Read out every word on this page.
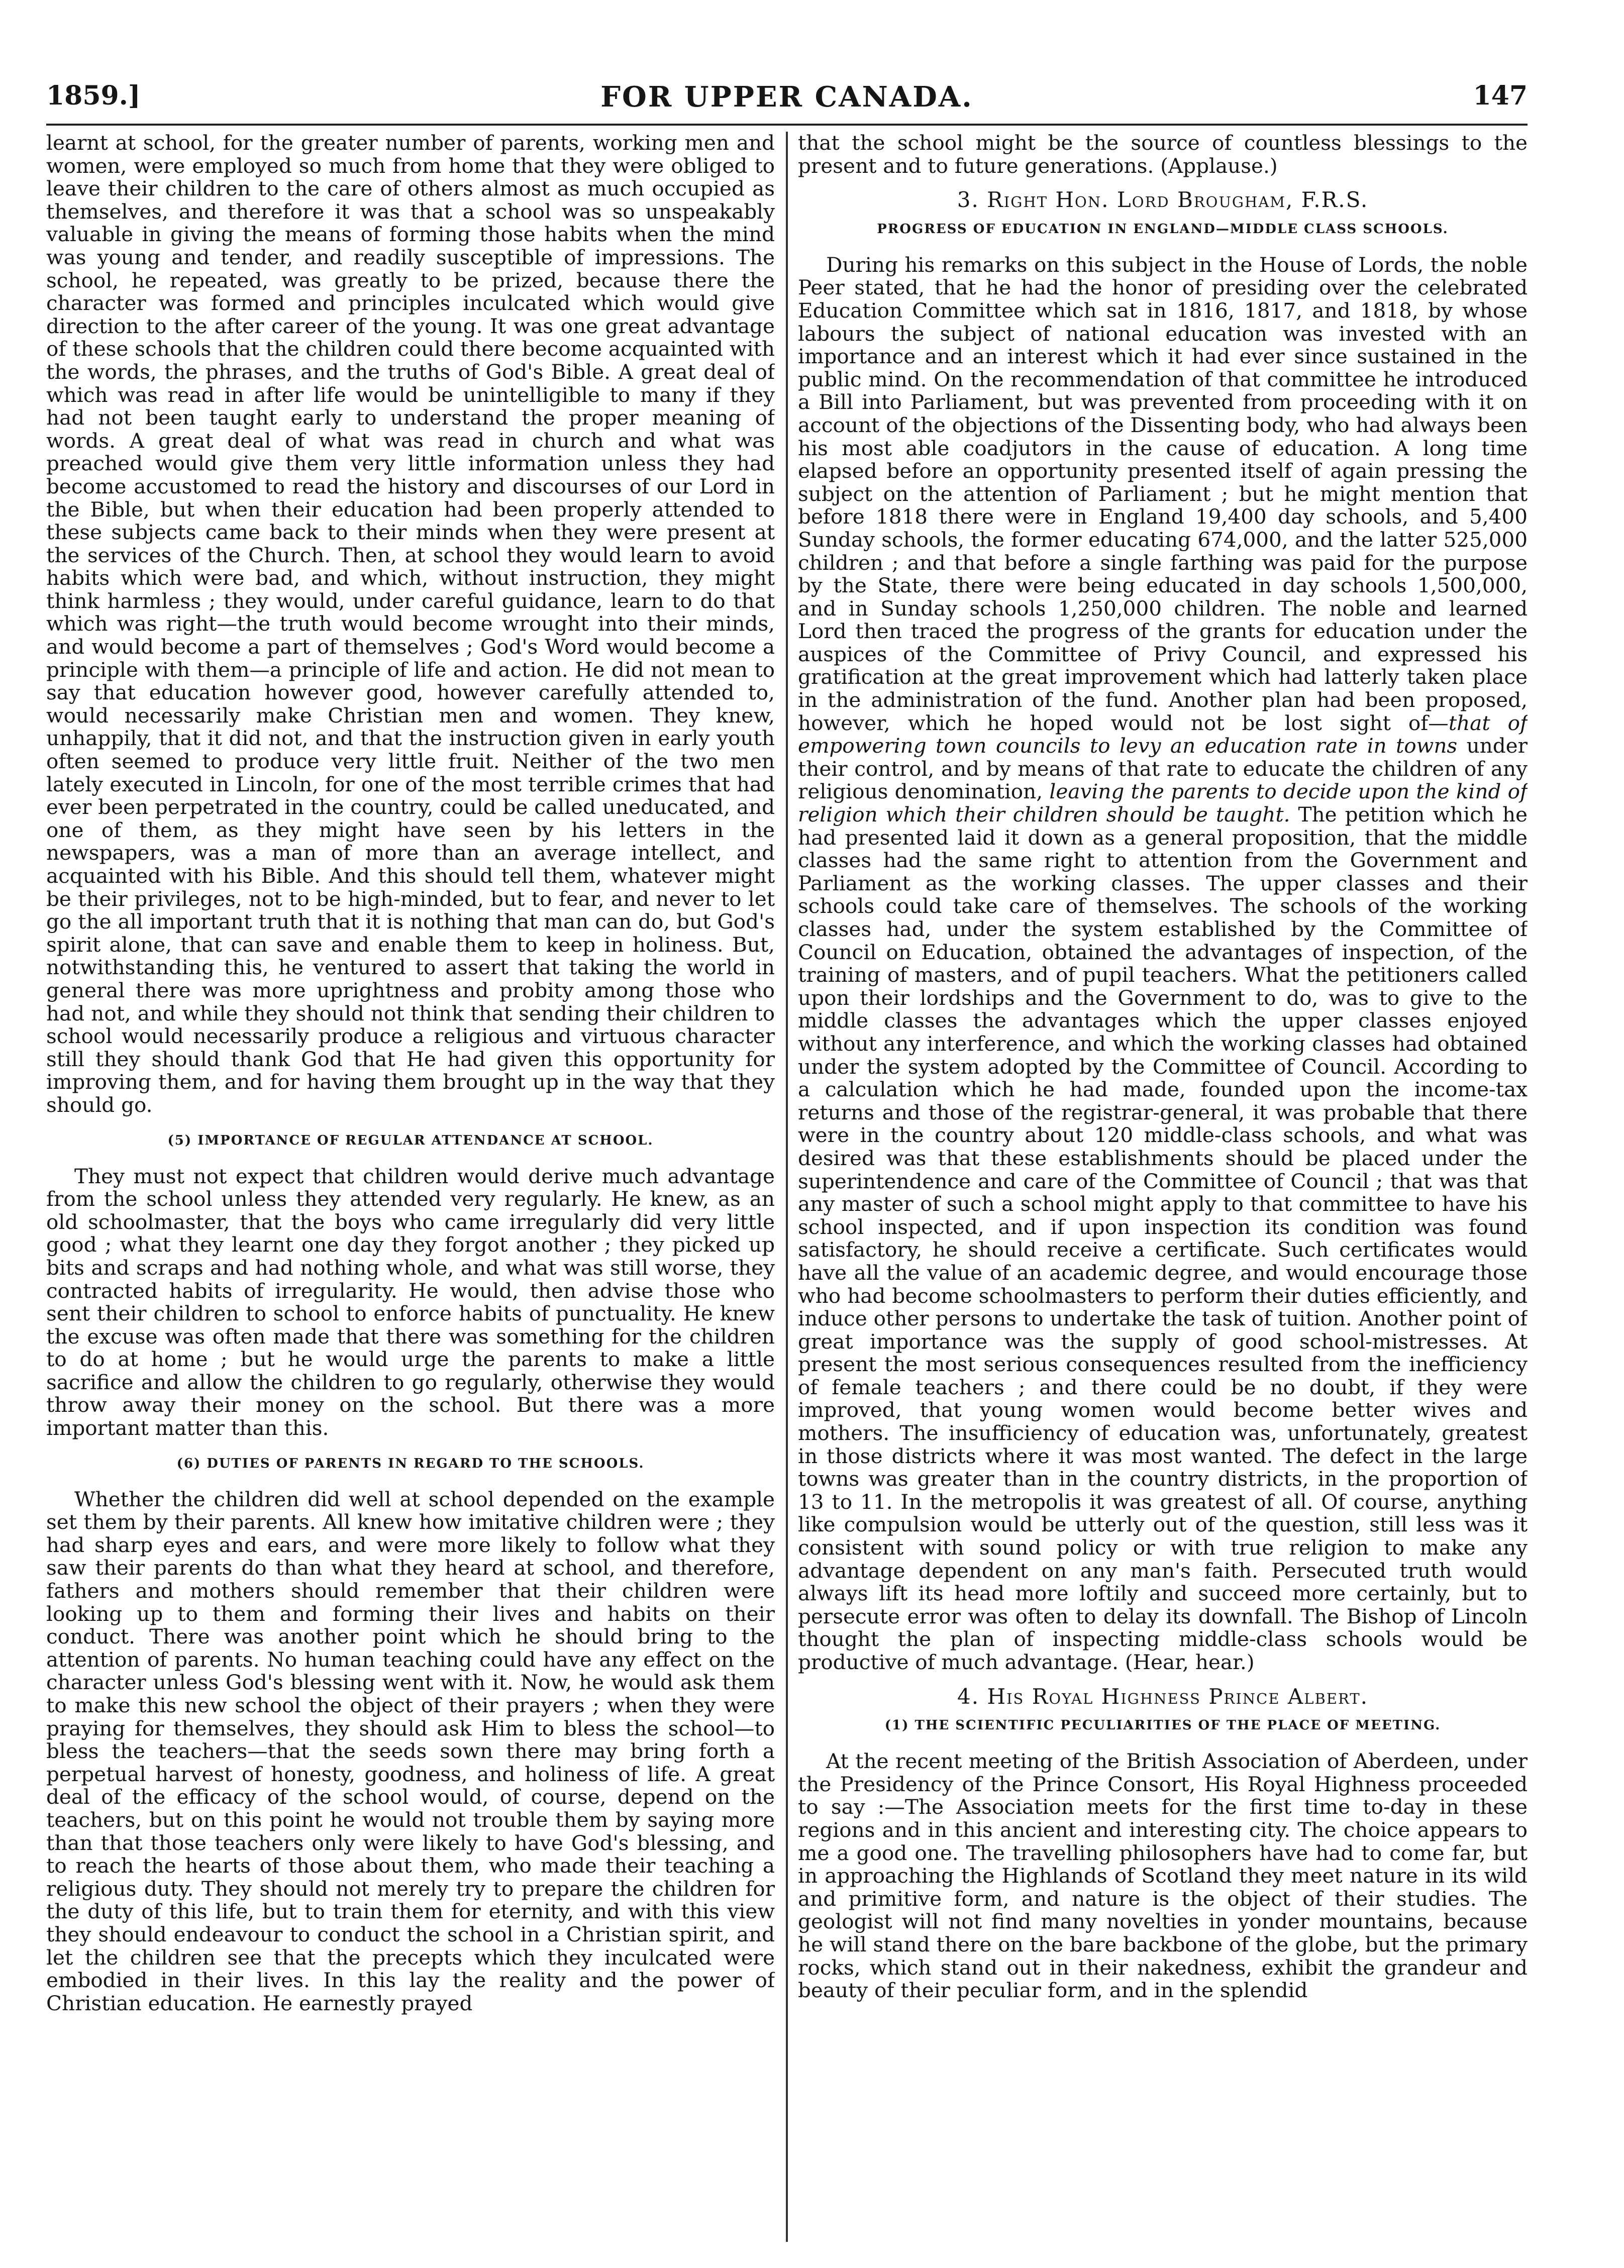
1859.]	FOR UPPER CANADA.	147

learnt at school, for the greater number of parents, working men and women, were employed so much from home that they were obliged to leave their children to the care of others almost as much occupied as themselves, and therefore it was that a school was so unspeakably valuable in giving the means of forming those habits when the mind was young and tender, and readily susceptible of impressions. The school, he repeated, was greatly to be prized, because there the character was formed and principles inculcated which would give direction to the after career of the young. It was one great advantage of these schools that the children could there become acquainted with the words, the phrases, and the truths of God's Bible. A great deal of which was read in after life would be unintelligible to many if they had not been taught early to understand the proper meaning of words. A great deal of what was read in church and what was preached would give them very little information unless they had become accustomed to read the history and discourses of our Lord in the Bible, but when their education had been properly attended to these subjects came back to their minds when they were present at the services of the Church. Then, at school they would learn to avoid habits which were bad, and which, without instruction, they might think harmless ; they would, under careful guidance, learn to do that which was right—the truth would become wrought into their minds, and would become a part of themselves ; God's Word would become a principle with them—a principle of life and action. He did not mean to say that education however good, however carefully attended to, would necessarily make Christian men and women. They knew, unhappily, that it did not, and that the instruction given in early youth often seemed to produce very little fruit. Neither of the two men lately executed in Lincoln, for one of the most terrible crimes that had ever been perpetrated in the country, could be called uneducated, and one of them, as they might have seen by his letters in the newspapers, was a man of more than an average intellect, and acquainted with his Bible. And this should tell them, whatever might be their privileges, not to be high-minded, but to fear, and never to let go the all important truth that it is nothing that man can do, but God's spirit alone, that can save and enable them to keep in holiness. But, notwithstanding this, he ventured to assert that taking the world in general there was more uprightness and probity among those who had not, and while they should not think that sending their children to school would necessarily produce a religious and virtuous character still they should thank God that He had given this opportunity for improving them, and for having them brought up in the way that they should go.

(5) IMPORTANCE OF REGULAR ATTENDANCE AT SCHOOL.

They must not expect that children would derive much advantage from the school unless they attended very regularly. He knew, as an old schoolmaster, that the boys who came irregularly did very little good ; what they learnt one day they forgot another ; they picked up bits and scraps and had nothing whole, and what was still worse, they contracted habits of irregularity. He would, then advise those who sent their children to school to enforce habits of punctuality. He knew the excuse was often made that there was something for the children to do at home ; but he would urge the parents to make a little sacrifice and allow the children to go regularly, otherwise they would throw away their money on the school. But there was a more important matter than this.

(6) DUTIES OF PARENTS IN REGARD TO THE SCHOOLS.

Whether the children did well at school depended on the example set them by their parents. All knew how imitative children were ; they had sharp eyes and ears, and were more likely to follow what they saw their parents do than what they heard at school, and therefore, fathers and mothers should remember that their children were looking up to them and forming their lives and habits on their conduct. There was another point which he should bring to the attention of parents. No human teaching could have any effect on the character unless God's blessing went with it. Now, he would ask them to make this new school the object of their prayers ; when they were praying for themselves, they should ask Him to bless the school—to bless the teachers—that the seeds sown there may bring forth a perpetual harvest of honesty, goodness, and holiness of life. A great deal of the efficacy of the school would, of course, depend on the teachers, but on this point he would not trouble them by saying more than that those teachers only were likely to have God's blessing, and to reach the hearts of those about them, who made their teaching a religious duty. They should not merely try to prepare the children for the duty of this life, but to train them for eternity, and with this view they should endeavour to conduct the school in a Christian spirit, and let the children see that the precepts which they inculcated were embodied in their lives. In this lay the reality and the power of Christian education. He earnestly prayed

that the school might be the source of countless blessings to the present and to future generations. (Applause.)

3. Right Hon. Lord Brougham, F.R.S.
PROGRESS OF EDUCATION IN ENGLAND—MIDDLE CLASS SCHOOLS.

During his remarks on this subject in the House of Lords, the noble Peer stated, that he had the honor of presiding over the celebrated Education Committee which sat in 1816, 1817, and 1818, by whose labours the subject of national education was invested with an importance and an interest which it had ever since sustained in the public mind. On the recommendation of that committee he introduced a Bill into Parliament, but was prevented from proceeding with it on account of the objections of the Dissenting body, who had always been his most able coadjutors in the cause of education. A long time elapsed before an opportunity presented itself of again pressing the subject on the attention of Parliament ; but he might mention that before 1818 there were in England 19,400 day schools, and 5,400 Sunday schools, the former educating 674,000, and the latter 525,000 children ; and that before a single farthing was paid for the purpose by the State, there were being educated in day schools 1,500,000, and in Sunday schools 1,250,000 children. The noble and learned Lord then traced the progress of the grants for education under the auspices of the Committee of Privy Council, and expressed his gratification at the great improvement which had latterly taken place in the administration of the fund. Another plan had been proposed, however, which he hoped would not be lost sight of—that of empowering town councils to levy an education rate in towns under their control, and by means of that rate to educate the children of any religious denomination, leaving the parents to decide upon the kind of religion which their children should be taught. The petition which he had presented laid it down as a general proposition, that the middle classes had the same right to attention from the Government and Parliament as the working classes. The upper classes and their schools could take care of themselves. The schools of the working classes had, under the system established by the Committee of Council on Education, obtained the advantages of inspection, of the training of masters, and of pupil teachers. What the petitioners called upon their lordships and the Government to do, was to give to the middle classes the advantages which the upper classes enjoyed without any interference, and which the working classes had obtained under the system adopted by the Committee of Council. According to a calculation which he had made, founded upon the income-tax returns and those of the registrar-general, it was probable that there were in the country about 120 middle-class schools, and what was desired was that these establishments should be placed under the superintendence and care of the Committee of Council ; that was that any master of such a school might apply to that committee to have his school inspected, and if upon inspection its condition was found satisfactory, he should receive a certificate. Such certificates would have all the value of an academic degree, and would encourage those who had become schoolmasters to perform their duties efficiently, and induce other persons to undertake the task of tuition. Another point of great importance was the supply of good school-mistresses. At present the most serious consequences resulted from the inefficiency of female teachers ; and there could be no doubt, if they were improved, that young women would become better wives and mothers. The insufficiency of education was, unfortunately, greatest in those districts where it was most wanted. The defect in the large towns was greater than in the country districts, in the proportion of 13 to 11. In the metropolis it was greatest of all. Of course, anything like compulsion would be utterly out of the question, still less was it consistent with sound policy or with true religion to make any advantage dependent on any man's faith. Persecuted truth would always lift its head more loftily and succeed more certainly, but to persecute error was often to delay its downfall. The Bishop of Lincoln thought the plan of inspecting middle-class schools would be productive of much advantage. (Hear, hear.)

4. His Royal Highness Prince Albert.
(1) THE SCIENTIFIC PECULIARITIES OF THE PLACE OF MEETING.

At the recent meeting of the British Association of Aberdeen, under the Presidency of the Prince Consort, His Royal Highness proceeded to say :—The Association meets for the first time to-day in these regions and in this ancient and interesting city. The choice appears to me a good one. The travelling philosophers have had to come far, but in approaching the Highlands of Scotland they meet nature in its wild and primitive form, and nature is the object of their studies. The geologist will not find many novelties in yonder mountains, because he will stand there on the bare backbone of the globe, but the primary rocks, which stand out in their nakedness, exhibit the grandeur and beauty of their peculiar form, and in the splendid
